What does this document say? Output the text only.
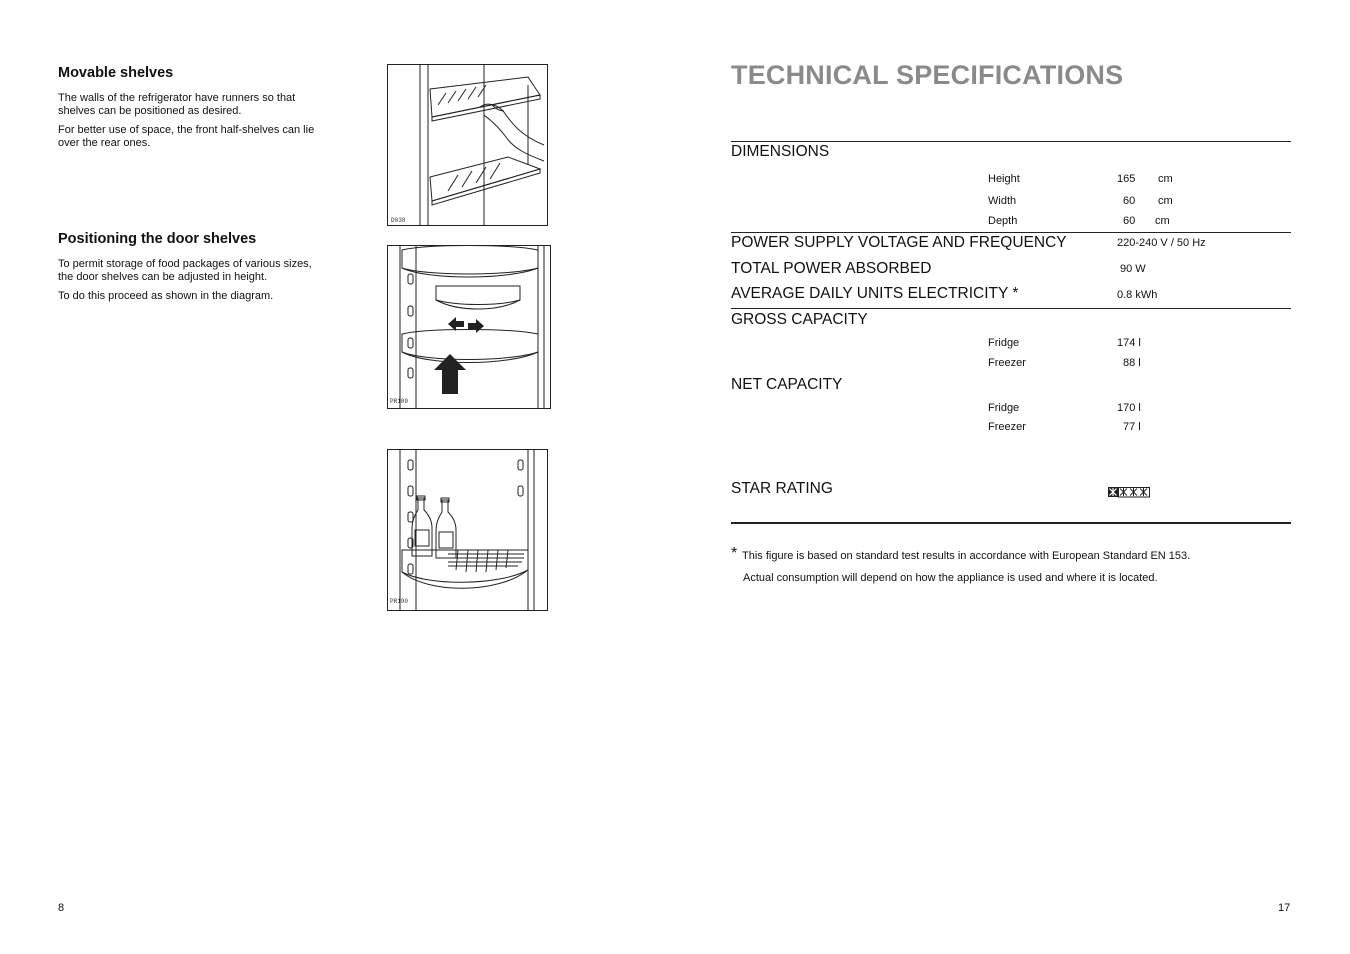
Movable shelves
The walls of the refrigerator have runners so that
shelves can be positioned as desired.
For better use of space, the front half-shelves can lie
over the rear ones.
Positioning the door shelves
To permit storage of food packages of various sizes,
the door shelves can be adjusted in height.
To do this proceed as shown in the diagram.
D038
PR189
PR190
8
TECHNICAL SPECIFICATIONS
DIMENSIONS
Height	165 cm
Width	60 cm
Depth	60 cm
POWER SUPPLY VOLTAGE AND FREQUENCY	220-240 V / 50 Hz
TOTAL POWER ABSORBED	90 W
AVERAGE DAILY UNITS ELECTRICITY *	0.8 kWh
GROSS CAPACITY
Fridge	174 l
Freezer	88 l
NET CAPACITY
Fridge	170 l
Freezer	77 l
STAR RATING
* This figure is based on standard test results in accordance with European Standard EN 153.
Actual consumption will depend on how the appliance is used and where it is located.
17
